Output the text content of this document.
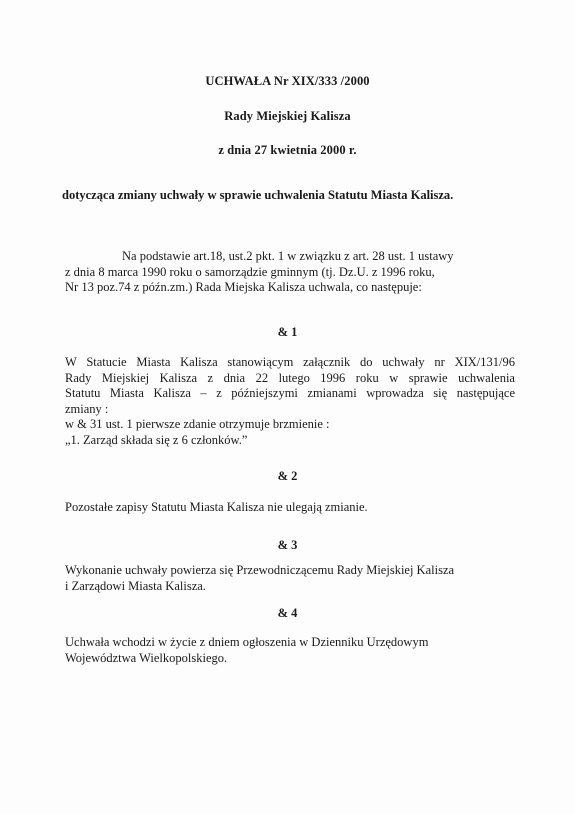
UCHWAŁA Nr XIX/333 /2000
Rady Miejskiej Kalisza
z dnia 27 kwietnia 2000 r.
dotycząca zmiany uchwały w sprawie uchwalenia Statutu Miasta Kalisza.
Na podstawie art.18, ust.2 pkt. 1 w związku z art. 28 ust. 1 ustawy
z dnia 8 marca 1990 roku o samorządzie gminnym (tj. Dz.U. z 1996 roku,
Nr 13 poz.74 z późn.zm.) Rada Miejska Kalisza uchwala, co następuje:
& 1
W Statucie Miasta Kalisza stanowiącym załącznik do uchwały nr XIX/131/96
Rady Miejskiej Kalisza z dnia 22 lutego 1996 roku w sprawie uchwalenia
Statutu Miasta Kalisza – z późniejszymi zmianami wprowadza się następujące
zmiany :
w & 31 ust. 1 pierwsze zdanie otrzymuje brzmienie :
„1. Zarząd składa się z 6 członków.”
& 2
Pozostałe zapisy Statutu Miasta Kalisza nie ulegają zmianie.
& 3
Wykonanie uchwały powierza się Przewodniczącemu Rady Miejskiej Kalisza
i Zarządowi Miasta Kalisza.
& 4
Uchwała wchodzi w życie z dniem ogłoszenia w Dzienniku Urzędowym
Województwa Wielkopolskiego.
